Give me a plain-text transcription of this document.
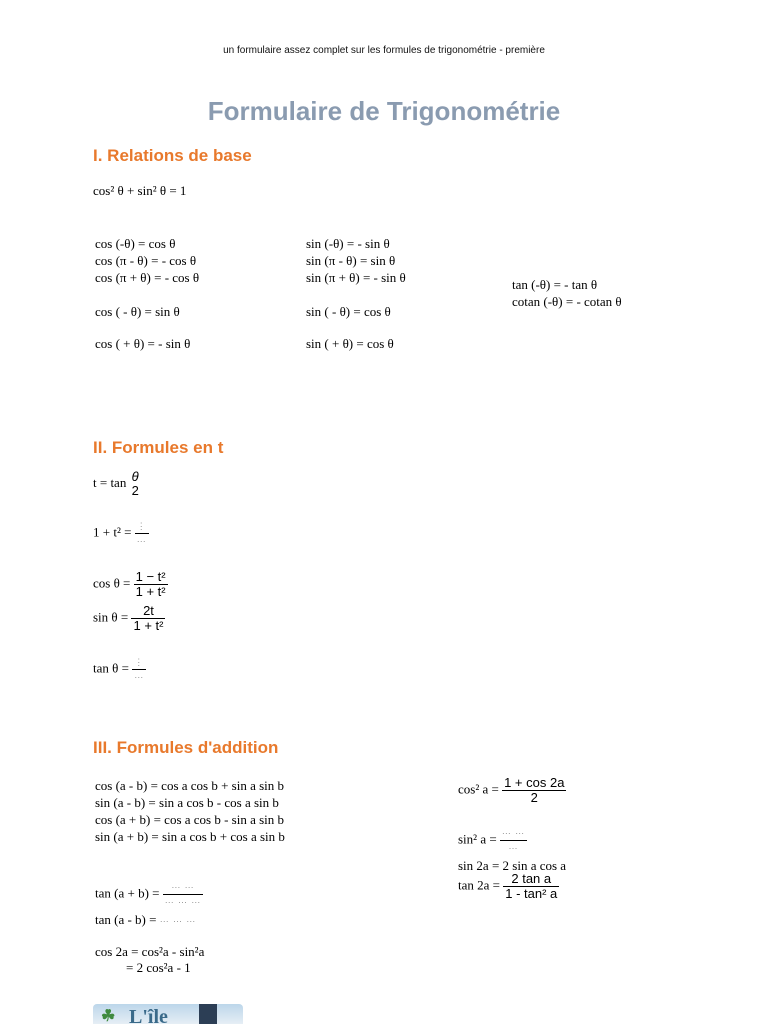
un formulaire assez complet sur les formules de trigonométrie - première
Formulaire de Trigonométrie
I. Relations de base
cos² θ + sin² θ = 1
cos (-θ) = cos θ
cos (π - θ) = - cos θ
cos (π + θ) = - cos θ
cos ( - θ) = sin θ
cos ( + θ) = - sin θ
sin (-θ) = - sin θ
sin (π - θ) = sin θ
sin (π + θ) = - sin θ
sin ( - θ) = cos θ
sin ( + θ) = cos θ
tan (-θ) = - tan θ
cotan (-θ) = - cotan θ
II. Formules en t
t = tan θ
2
$1 + t^2 = \frac{⋮}{\cdots}$
$\cos \theta = \frac{\text{1 − t²}}{\text{1 + t²}}$
$\sin \theta = \frac{2t}{\text{1 + t²}}$
$\tan \theta = \frac{⋮}{\cdots}$
III. Formules d'addition
cos (a - b) = cos a cos b + sin a sin b
sin (a - b) = sin a cos b - cos a sin b
cos (a + b) = cos a cos b - sin a sin b
sin (a + b) = sin a cos b + cos a sin b
$\tan (a + b) = \frac{\cdots \cdots}{\cdots \cdots \cdots}$
tan (a - b) = ⋯ ⋯ ⋯
cos 2a = cos²a - sin²a
= 2 cos²a - 1
cos² $a = \frac{1 + \cos 2a}{2}$
sin² $a = \frac{\cdots \cdots}{\cdots}$
sin 2a = 2 sin a cos a
$\tan 2a = \frac{\text{2 tan a}}{\text{1 - tan² a}}$
☘ L'île
